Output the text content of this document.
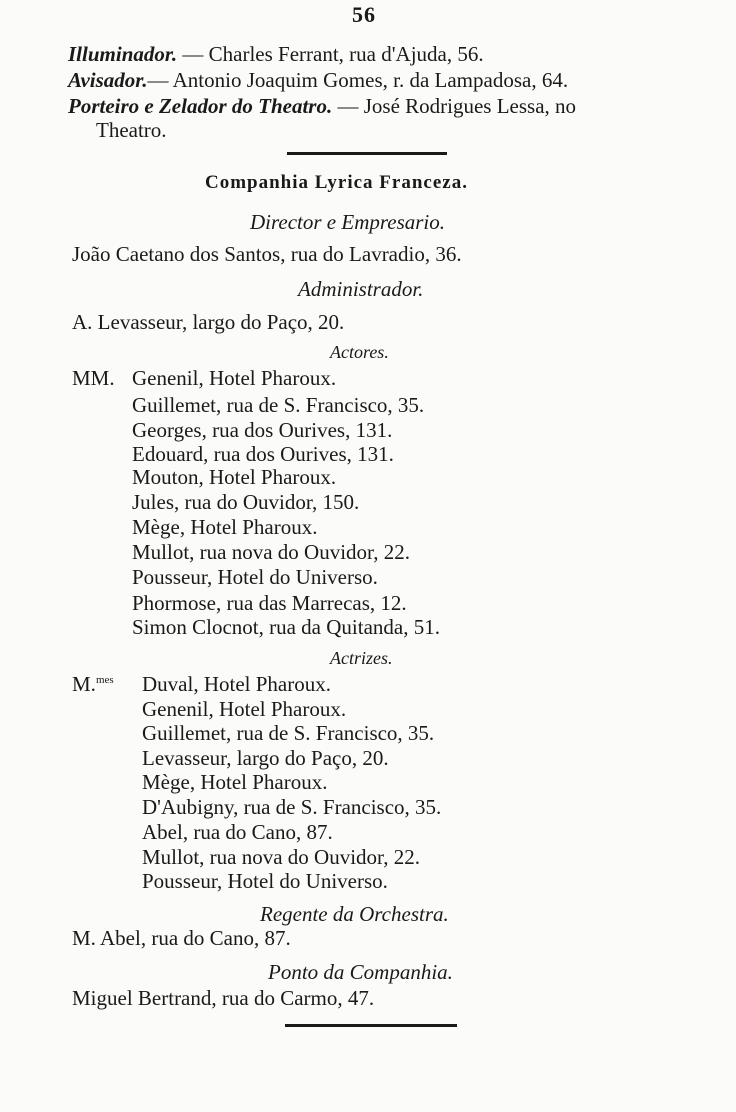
56
Illuminador. — Charles Ferrant, rua d'Ajuda, 56.
Avisador.— Antonio Joaquim Gomes, r. da Lampadosa, 64.
Porteiro e Zelador do Theatro. — José Rodrigues Lessa, no
Theatro.
Companhia Lyrica Franceza.
Director e Empresario.
João Caetano dos Santos, rua do Lavradio, 36.
Administrador.
A. Levasseur, largo do Paço, 20.
Actores.
MM. Genenil, Hotel Pharoux.
Guillemet, rua de S. Francisco, 35.
Georges, rua dos Ourives, 131.
Edouard, rua dos Ourives, 131.
Mouton, Hotel Pharoux.
Jules, rua do Ouvidor, 150.
Mège, Hotel Pharoux.
Mullot, rua nova do Ouvidor, 22.
Pousseur, Hotel do Universo.
Phormose, rua das Marrecas, 12.
Simon Clocnot, rua da Quitanda, 51.
Actrizes.
M.$^{mes}$ Duval, Hotel Pharoux.
Genenil, Hotel Pharoux.
Guillemet, rua de S. Francisco, 35.
Levasseur, largo do Paço, 20.
Mège, Hotel Pharoux.
D'Aubigny, rua de S. Francisco, 35.
Abel, rua do Cano, 87.
Mullot, rua nova do Ouvidor, 22.
Pousseur, Hotel do Universo.
Regente da Orchestra.
M. Abel, rua do Cano, 87.
Ponto da Companhia.
Miguel Bertrand, rua do Carmo, 47.
